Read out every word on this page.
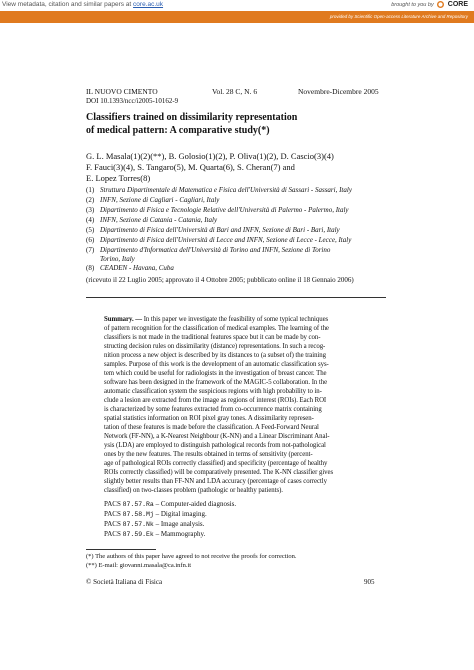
View metadata, citation and similar papers at core.ac.uk	brought to you by CORE
provided by Scientific Open-access Literature Archive and Repository
IL NUOVO CIMENTO	Vol. 28 C, N. 6	Novembre-Dicembre 2005
DOI 10.1393/ncc/i2005-10162-9
Classifiers trained on dissimilarity representation
of medical pattern: A comparative study(*)
G. L. Masala(1)(2)(**), B. Golosio(1)(2), P. Oliva(1)(2), D. Cascio(3)(4)
F. Fauci(3)(4), S. Tangaro(5), M. Quarta(6), S. Cheran(7) and
E. Lopez Torres(8)
(1) Struttura Dipartimentale di Matematica e Fisica dell'Università di Sassari - Sassari, Italy
(2) INFN, Sezione di Cagliari - Cagliari, Italy
(3) Dipartimento di Fisica e Tecnologie Relative dell'Università di Palermo - Palermo, Italy
(4) INFN, Sezione di Catania - Catania, Italy
(5) Dipartimento di Fisica dell'Università di Bari and INFN, Sezione di Bari - Bari, Italy
(6) Dipartimento di Fisica dell'Università di Lecce and INFN, Sezione di Lecce - Lecce, Italy
(7) Dipartimento d'Informatica dell'Università di Torino and INFN, Sezione di Torino
Torino, Italy
(8) CEADEN - Havana, Cuba
(ricevuto il 22 Luglio 2005; approvato il 4 Ottobre 2005; pubblicato online il 18 Gennaio 2006)
Summary. — In this paper we investigate the feasibility of some typical techniques
of pattern recognition for the classification of medical examples. The learning of the
classifiers is not made in the traditional features space but it can be made by con-
structing decision rules on dissimilarity (distance) representations. In such a recog-
nition process a new object is described by its distances to (a subset of) the training
samples. Purpose of this work is the development of an automatic classification sys-
tem which could be useful for radiologists in the investigation of breast cancer. The
software has been designed in the framework of the MAGIC-5 collaboration. In the
automatic classification system the suspicious regions with high probability to in-
clude a lesion are extracted from the image as regions of interest (ROIs). Each ROI
is characterized by some features extracted from co-occurrence matrix containing
spatial statistics information on ROI pixel gray tones. A dissimilarity represen-
tation of these features is made before the classification. A Feed-Forward Neural
Network (FF-NN), a K-Nearest Neighbour (K-NN) and a Linear Discriminant Anal-
ysis (LDA) are employed to distinguish pathological records from not-pathological
ones by the new features. The results obtained in terms of sensitivity (percent-
age of pathological ROIs correctly classified) and specificity (percentage of healthy
ROIs correctly classified) will be comparatively presented. The K-NN classifier gives
slightly better results than FF-NN and LDA accuracy (percentage of cases correctly
classified) on two-classes problem (pathologic or healthy patients).
PACS 87.57.Ra – Computer-aided diagnosis.
PACS 87.58.Mj – Digital imaging.
PACS 87.57.Nk – Image analysis.
PACS 87.59.Ek – Mammography.
(*) The authors of this paper have agreed to not receive the proofs for correction.
(**) E-mail: giovanni.masala@ca.infn.it
© Società Italiana di Fisica	905
